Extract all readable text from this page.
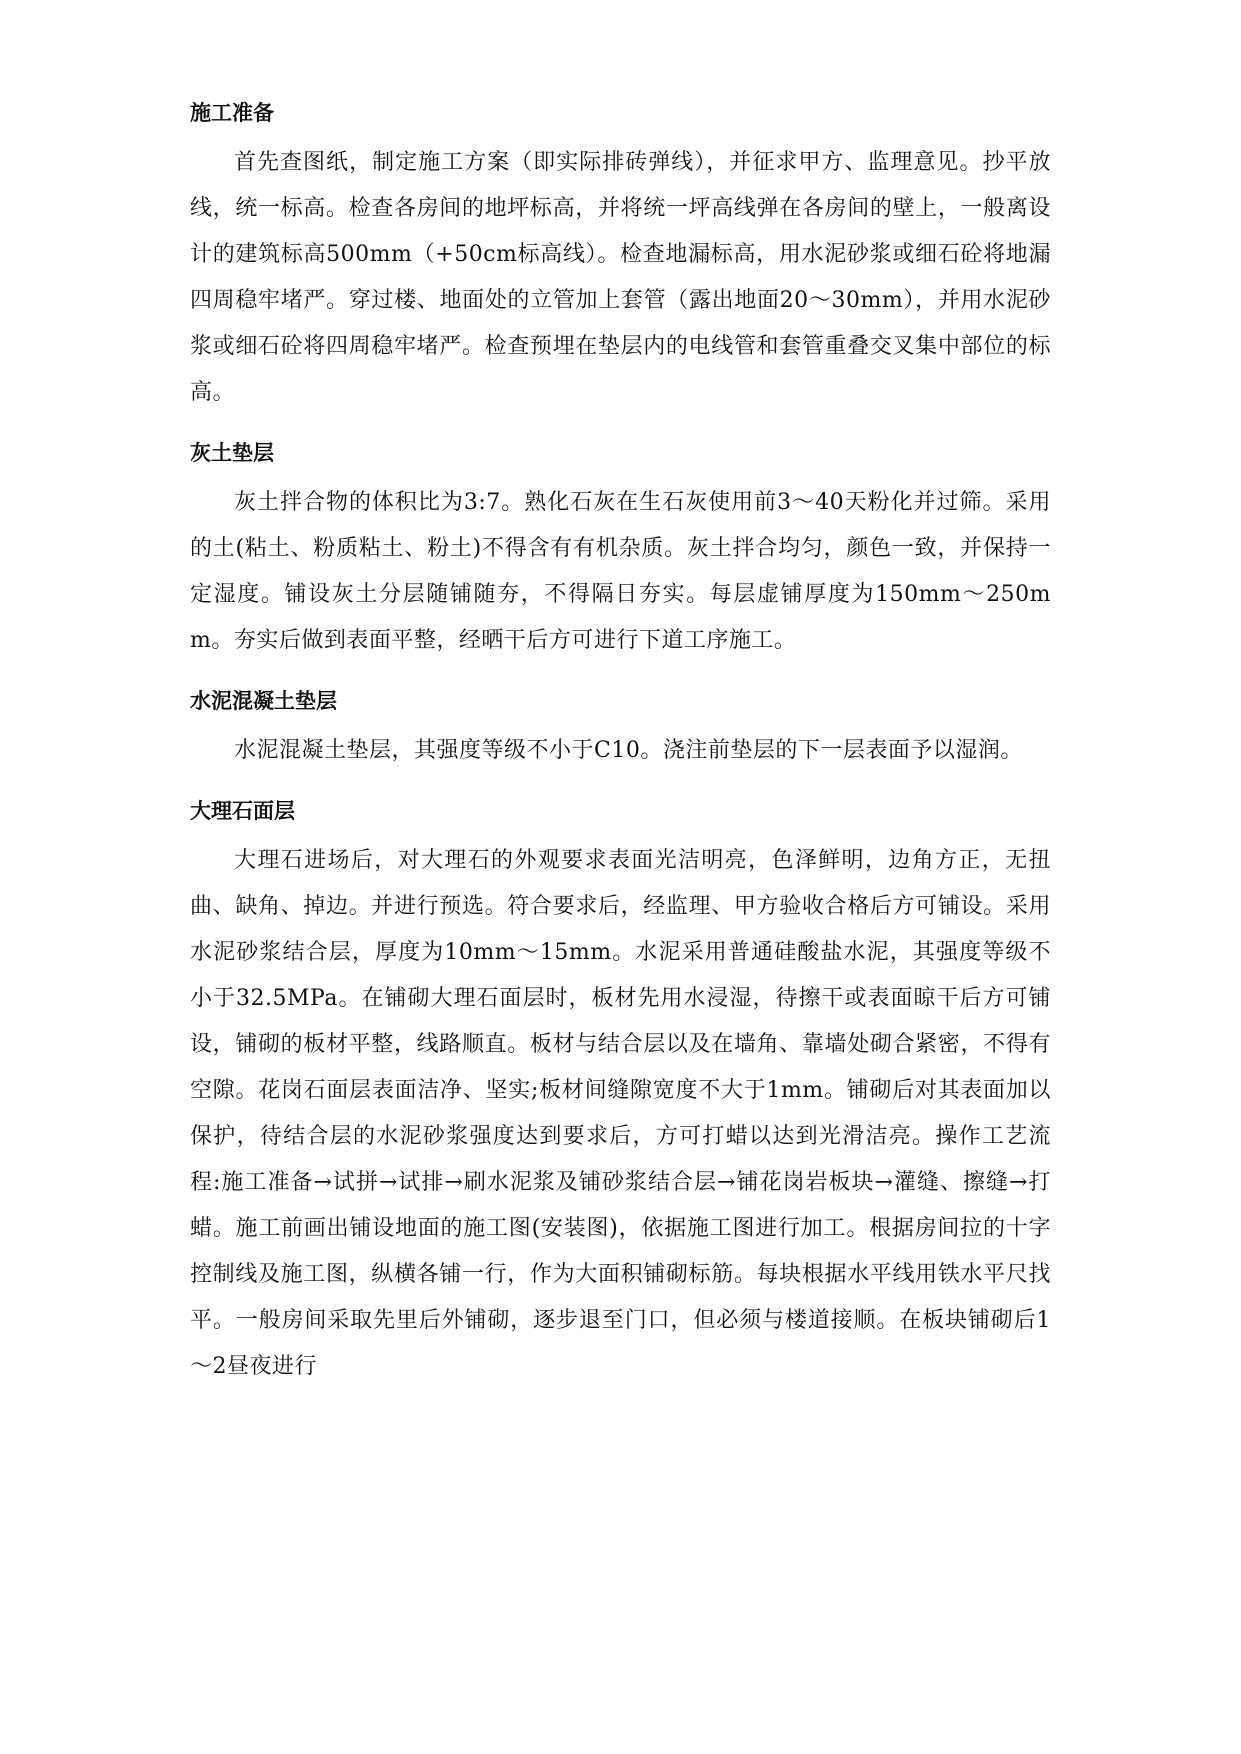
施工准备

首先查图纸，制定施工方案（即实际排砖弹线），并征求甲方、监理意见。抄平放线，统一标高。检查各房间的地坪标高，并将统一坪高线弹在各房间的壁上，一般离设计的建筑标高500mm（+50cm标高线）。检查地漏标高，用水泥砂浆或细石砼将地漏四周稳牢堵严。穿过楼、地面处的立管加上套管（露出地面20～30mm），并用水泥砂浆或细石砼将四周稳牢堵严。检查预埋在垫层内的电线管和套管重叠交叉集中部位的标高。

灰土垫层

灰土拌合物的体积比为3:7。熟化石灰在生石灰使用前3～40天粉化并过筛。采用的土(粘土、粉质粘土、粉土)不得含有有机杂质。灰土拌合均匀，颜色一致，并保持一定湿度。铺设灰土分层随铺随夯，不得隔日夯实。每层虚铺厚度为150mm～250mm。夯实后做到表面平整，经晒干后方可进行下道工序施工。

水泥混凝土垫层

水泥混凝土垫层，其强度等级不小于C10。浇注前垫层的下一层表面予以湿润。

大理石面层

大理石进场后，对大理石的外观要求表面光洁明亮，色泽鲜明，边角方正，无扭曲、缺角、掉边。并进行预选。符合要求后，经监理、甲方验收合格后方可铺设。采用水泥砂浆结合层，厚度为10mm～15mm。水泥采用普通硅酸盐水泥，其强度等级不小于32.5MPa。在铺砌大理石面层时，板材先用水浸湿，待擦干或表面晾干后方可铺设，铺砌的板材平整，线路顺直。板材与结合层以及在墙角、靠墙处砌合紧密，不得有空隙。花岗石面层表面洁净、坚实;板材间缝隙宽度不大于1mm。铺砌后对其表面加以保护，待结合层的水泥砂浆强度达到要求后，方可打蜡以达到光滑洁亮。操作工艺流程:施工准备→试拼→试排→刷水泥浆及铺砂浆结合层→铺花岗岩板块→灌缝、擦缝→打蜡。施工前画出铺设地面的施工图(安装图)，依据施工图进行加工。根据房间拉的十字控制线及施工图，纵横各铺一行，作为大面积铺砌标筋。每块根据水平线用铁水平尺找平。一般房间采取先里后外铺砌，逐步退至门口，但必须与楼道接顺。在板块铺砌后1～2昼夜进行
